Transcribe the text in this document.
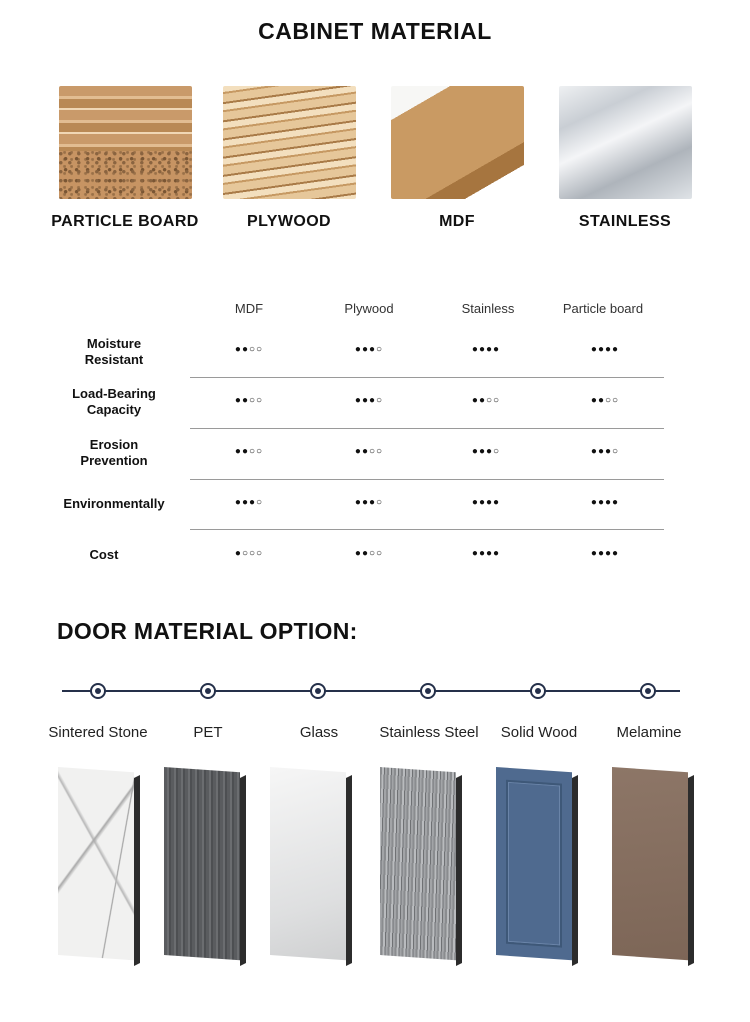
CABINET MATERIAL
PARTICLE BOARD	PLYWOOD	MDF	STAINLESS
MDF	Plywood	Stainless	Particle board
Moisture
Resistant
●●○○	●●●○	●●●●	●●●●
Load-Bearing
Capacity
●●○○	●●●○	●●○○	●●○○
Erosion
Prevention
●●○○	●●○○	●●●○	●●●○
Environmentally	●●●○	●●●○	●●●●	●●●●
Cost	●○○○	●●○○	●●●●	●●●●
DOOR MATERIAL OPTION:
Sintered Stone	PET	Glass	Stainless Steel	Solid Wood	Melamine
